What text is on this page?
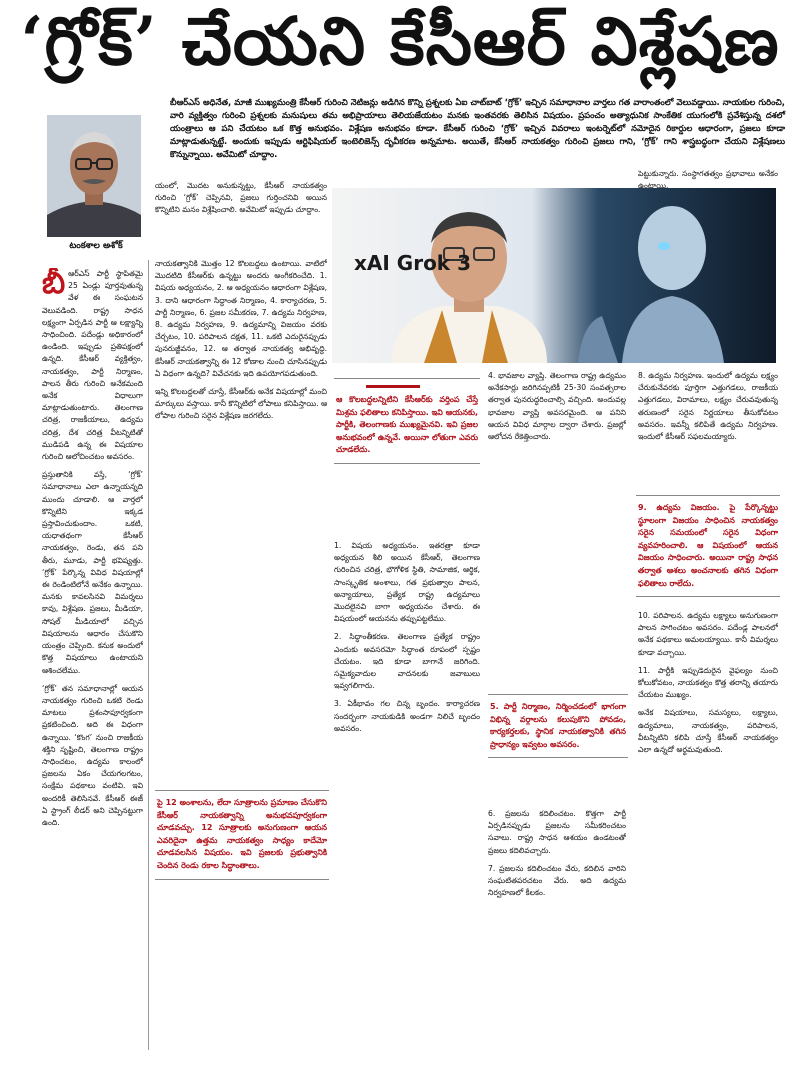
‘గ్రోక్’ చేయని కేసీఆర్ విశ్లేషణ
బీఆర్ఎస్ అధినేత, మాజీ ముఖ్యమంత్రి కేసీఆర్ గురించి నెటిజన్లు అడిగిన కొన్ని ప్రశ్నలకు ఏఐ చాట్‌బాట్ ‘గ్రోక్’ ఇచ్చిన సమాధానాల వార్తలు గత వారాంతంలో వెలువడ్డాయి. నాయకుల గురించి, వారి వ్యక్తిత్వం గురించి ప్రశ్నలకు మనుషులు తమ అభిప్రాయాలు తెలియజేయటం మనకు ఇంతవరకు తెలిసిన విషయం. ప్రపంచం అత్యాధునిక సాంకేతిక యుగంలోకి ప్రవేశిస్తున్న దశలో యంత్రాలు ఆ పని చేయటం ఒక కొత్త అనుభవం. విశ్లేషణ అనుభవం కూడా. కేసీఆర్ గురించి ‘గ్రోక్’ ఇచ్చిన వివరాలు ఇంటర్నెట్‌లో నమోదైన రికార్డుల ఆధారంగా, ప్రజలు కూడా మాట్లాడుతున్నట్టే. అందుకు ఇప్పుడు ఆర్టిఫిషియల్ ఇంటెలిజెన్స్ దృవీకరణ అన్నమాట. అయితే, కేసీఆర్ నాయకత్వం గురించి ప్రజలు గాని, ‘గ్రోక్’ గాని శాస్త్రబద్ధంగా చేయని విశ్లేషణలు కొన్నున్నాయి. అవేమిటో చూద్దాం.
టంకశాల అశోక్
బీ ఆర్ఎస్ పార్టీ స్థాపితమై 25 ఏండ్లు పూర్తవుతున్న వేళ ఈ సంఘటన వెలువడింది. రాష్ట్ర సాధన లక్ష్యంగా ఏర్పడిన పార్టీ ఆ లక్ష్యాన్ని సాధించింది. పదేండ్లు అధికారంలో ఉండింది. ఇప్పుడు ప్రతిపక్షంలో ఉన్నది. కేసీఆర్ వ్యక్తిత్వం, నాయకత్వం, పార్టీ నిర్మాణం, పాలన తీరు గురించి అనేకమంది అనేక విధాలుగా మాట్లాడుతుంటారు. తెలంగాణ చరిత్ర, రాజకీయాలు, ఉద్యమ చరిత్ర, దేశ చరిత్ర వీటన్నిటితో ముడిపడి ఉన్న ఈ విషయాల గురించి ఆలోచించటం అవసరం.

ప్రస్తుతానికి వస్తే, ‘గ్రోక్’ సమాధానాలు ఎలా ఉన్నాయన్నది ముందు చూడాలి. ఆ వార్తలో కొన్నిటిని ఇక్కడ ప్రస్తావించుకుందాం. ఒకటి, యధాతథంగా కేసీఆర్ నాయకత్వం, రెండు, తన పని తీరు, మూడు, పార్టీ భవిష్యత్తు. ‘గ్రోక్’ పేర్కొన్న వివిధ విషయాల్లో ఈ రెండింటిలోనే అనేకం ఉన్నాయి. మనకు కావలసినవి విమర్శలు కావు, విశ్లేషణ. ప్రజలు, మీడియా, సోషల్ మీడియాలో వచ్చిన విషయాలను ఆధారం చేసుకొని యంత్రం చెప్పింది. కనుక అందులో కొత్త విషయాలు ఉంటాయని ఆశించలేము.

‘గ్రోక్’ తన సమాధానాల్లో ఆయన నాయకత్వం గురించి ఒకటి రెండు మాటలు ప్రశంసాపూర్వకంగా ప్రకటించింది. అది ఈ విధంగా ఉన్నాయి. ‘కొంగ’ నుంచి రాజకీయ శక్తిని సృష్టించి, తెలంగాణ రాష్ట్రం సాధించటం, ఉద్యమ కాలంలో ప్రజలను ఏకం చేయగలగటం, సంక్షేమ పథకాలు వంటివి. ఇవి అందరికీ తెలిసినవే. కేసీఆర్ ఈజ్ ఏ స్ట్రాంగ్ లీడర్ అని చెప్పినట్టుగా ఉంది.

యంలో, మొదట అనుకున్నట్టు, కేసీఆర్ నాయకత్వం గురించి ‘గ్రోక్’ చెప్పినవి, ప్రజలు గుర్తించనివి అయిన కొన్నిటిని మనం విశ్లేషించాలి. అవేమిటో ఇప్పుడు చూద్దాం.

నాయకత్వానికి మొత్తం 12 కొలబద్దలు ఉంటాయి. వాటిలో మొదటిది కేసీఆర్‌కు ఉన్నట్టు అందరు అంగీకరించేది. 1. విషయ అధ్యయనం, 2. ఆ అధ్యయనం ఆధారంగా విశ్లేషణ, 3. దాని ఆధారంగా సిద్ధాంత నిర్మాణం, 4. కార్యాచరణ, 5. పార్టీ నిర్మాణం, 6. ప్రజల సమీకరణ, 7. ఉద్యమ నిర్వహణ, 8. ఉద్యమ నిర్వహణ, 9. ఉద్యమాన్ని విజయం వరకు చేర్చటం, 10. పరిపాలన దక్షత, 11. ఒకటి ఎదురైనప్పుడు పునరుజ్జీవనం, 12. ఆ తర్వాత నాయకత్వ అభివృద్ధి. కేసీఆర్ నాయకత్వాన్ని ఈ 12 కోణాల నుంచి చూసినప్పుడు ఏ విధంగా ఉన్నది? వివేచనకు ఇది ఉపయోగపడుతుంది.

ఇన్ని కొలబద్దలతో చూస్తే, కేసీఆర్‌కు అనేక విషయాల్లో మంచి మార్కులు వస్తాయి. కానీ కొన్నిటిలో లోపాలు కనిపిస్తాయి. ఆ లోపాల గురించి సరైన విశ్లేషణ జరగలేదు.

xAI Grok 3
ఆ కొలబద్దలన్నిటిని కేసీఆర్‌కు వర్తింప చేస్తే మిశ్రమ ఫలితాలు కనిపిస్తాయి. ఇవి ఆయనకు, పార్టీకి, తెలంగాణకు ముఖ్యమైనవి. ఇవి ప్రజల అనుభవంలో ఉన్నవే. అయినా లోతుగా ఎవరు చూడలేదు.
పై 12 అంశాలను, లేదా సూత్రాలను ప్రమాణం చేసుకొని కేసీఆర్ నాయకత్వాన్ని అనుభవపూర్వకంగా చూడవచ్చు. 12 సూత్రాలకు అనుగుణంగా ఆయన ఎవరిదైనా ఉత్తమ నాయకత్వం సాధ్యం కాదేమో చూడవలసిన విషయం. ఇవి ప్రజలకు ప్రభుత్వానికి చెందిన రెండు రకాల సిద్ధాంతాలు.

1. విషయ అధ్యయనం. ఇతరత్రా కూడా అధ్యయన శీలి అయిన కేసీఆర్, తెలంగాణ గురించిన చరిత్ర, భౌగోళిక స్థితి, సామాజిక, ఆర్థిక, సాంస్కృతిక అంశాలు, గత ప్రభుత్వాల పాలన, అన్యాయాలు, ప్రత్యేక రాష్ట్ర ఉద్యమాలు మొదలైనవి బాగా అధ్యయనం చేశారు. ఈ విషయంలో ఆయనను తప్పుపట్టలేము.

2. సిద్ధాంతీకరణ. తెలంగాణ ప్రత్యేక రాష్ట్రం ఎందుకు అవసరమో సిద్ధాంత రూపంలో స్పష్టం చేయటం. ఇది కూడా బాగానే జరిగింది. సమైక్యవాదుల వాదనలకు జవాబులు ఇవ్వగలిగారు.

3. ఏకీభావం గల చిన్న బృందం. కార్యాచరణ సందర్భంగా నాయకుడికి అండగా నిలిచే బృందం అవసరం.

4. భావజాల వ్యాప్తి. తెలంగాణ రాష్ట్ర ఉద్యమం అనేకసార్లు జరిగినప్పటికీ 25-30 సంవత్సరాల తర్వాత పునరుద్ధరించాల్సి వచ్చింది. అందువల్ల భావజాల వ్యాప్తి అవసరమైంది. ఆ పనిని ఆయన వివిధ మార్గాల ద్వారా చేశారు. ప్రజల్లో ఆలోచన రేకెత్తించారు.

5. పార్టీ నిర్మాణం, నిర్మించడంలో భాగంగా విభిన్న వర్గాలను కలుపుకొని పోవడం, కార్యకర్తలకు, స్థానిక నాయకత్వానికి తగిన ప్రాధాన్యం ఇవ్వటం అవసరం.

6. ప్రజలను కదిలించటం. కొత్తగా పార్టీ ఏర్పడినప్పుడు ప్రజలను సమీకరించటం సవాలు. రాష్ట్ర సాధన ఆశయం ఉండటంతో ప్రజలు కదిలివచ్చారు.

7. ప్రజలను కదిలించటం వేరు, కదిలిన వారిని సంఘటితపరచటం వేరు. అది ఉద్యమ నిర్వహణలో కీలకం.

పెట్టుకున్నారు. సంస్థాగతత్వం ప్రభావాలు అనేకం ఉంటాయి.

8. ఉద్యమ నిర్వహణ. ఇందులో ఉద్యమ లక్ష్యం చేరుకునేవరకు పూర్తిగా ఎత్తుగడలు, రాజకీయ ఎత్తుగడలు, విరామాలు, లక్ష్యం చేరువవుతున్న తరుణంలో సరైన నిర్ణయాలు తీసుకోవటం అవసరం. ఇవన్నీ కలిపితే ఉద్యమ నిర్వహణ. ఇందులో కేసీఆర్ సఫలమయ్యారు.

9. ఉద్యమ విజయం. పై పేర్కొన్నట్టు స్థూలంగా విజయం సాధించిన నాయకత్వం సరైన సమయంలో సరైన విధంగా వ్యవహరించాలి. ఆ విషయంలో ఆయన విజయం సాధించారు. అయినా రాష్ట్ర సాధన తర్వాత ఆశలు అంచనాలకు తగిన విధంగా ఫలితాలు రాలేదు.

10. పరిపాలన. ఉద్యమ లక్ష్యాలు అనుగుణంగా పాలన సాగించటం అవసరం. పదేండ్ల పాలనలో అనేక పథకాలు అమలయ్యాయి. కానీ విమర్శలు కూడా వచ్చాయి.

11. పార్టీకి ఇప్పుడెదురైన వైఫల్యం నుంచి కోలుకోవటం, నాయకత్వం కొత్త తరాన్ని తయారు చేయటం ముఖ్యం.

అనేక విషయాలు, సమస్యలు, లక్ష్యాలు, ఉద్యమాలు, నాయకత్వం, పరిపాలన, వీటన్నిటిని కలిపి చూస్తే కేసీఆర్ నాయకత్వం ఎలా ఉన్నదో అర్థమవుతుంది.
